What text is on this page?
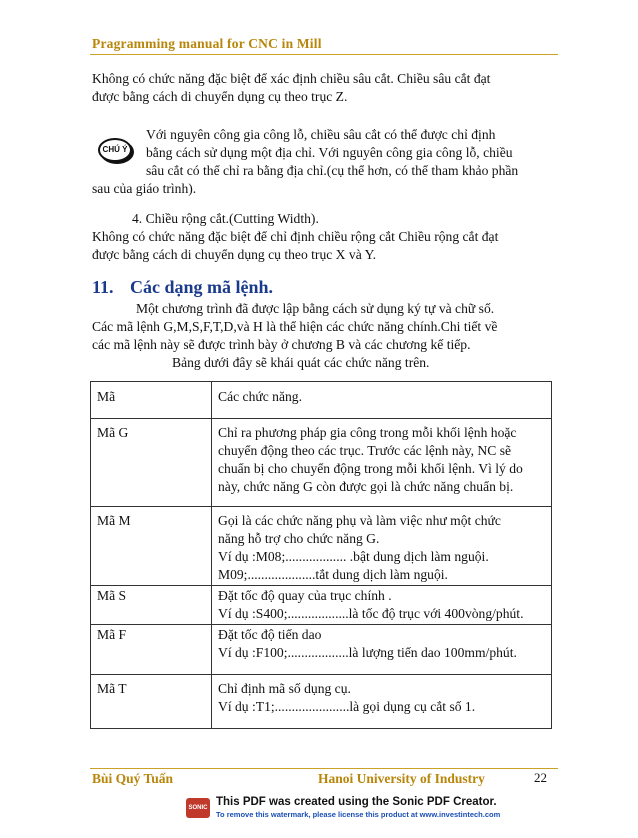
Pragramming manual for CNC in Mill
Không có chức năng đặc biệt để xác định chiều sâu cắt. Chiều sâu cắt đạt
được bằng cách di chuyển dụng cụ theo trục Z.
CHÚ Ý
Với nguyên công gia công lỗ, chiều sâu cắt có thể được chỉ định
bằng cách sử dụng một địa chỉ. Với nguyên công gia công lỗ, chiều
sâu cắt có thể chỉ ra bằng địa chỉ.(cụ thể hơn, có thể tham khảo phần
sau của giáo trình).
4. Chiều rộng cắt.(Cutting Width).
Không có chức năng đặc biệt để chỉ định chiều rộng cắt Chiều rộng cắt đạt
được bằng cách di chuyển dụng cụ theo trục X và Y.
11. Các dạng mã lệnh.
Một chương trình đã được lập bằng cách sử dụng ký tự và chữ số.
Các mã lệnh G,M,S,F,T,D,và H là thể hiện các chức năng chính.Chi tiết về
các mã lệnh này sẽ được trình bày ở chương B và các chương kế tiếp.
Bảng dưới đây sẽ khái quát các chức năng trên.
Mã	Các chức năng.
Mã G	Chỉ ra phương pháp gia công trong mỗi khối lệnh hoặc
chuyển động theo các trục. Trước các lệnh này, NC sẽ
chuẩn bị cho chuyển động trong mỗi khối lệnh. Vì lý do
này, chức năng G còn được gọi là chức năng chuẩn bị.

Mã M	Gọi là các chức năng phụ và làm việc như một chức
năng hỗ trợ cho chức năng G.
Ví dụ :M08;.................. .bật dung dịch làm nguội.
M09;....................tắt dung dịch làm nguội.

Mã S	Đặt tốc độ quay của trục chính .
Ví dụ :S400;..................là tốc độ trục với 400vòng/phút.

Mã F	Đặt tốc độ tiến dao
Ví dụ :F100;..................là lượng tiến dao 100mm/phút.

Mã T	Chỉ định mã số dụng cụ.
Ví dụ :T1;......................là gọi dụng cụ cắt số 1.
Bùi Quý Tuấn	Hanoi University of Industry	22
SONIC PDF
This PDF was created using the Sonic PDF Creator.
To remove this watermark, please license this product at www.investintech.com
